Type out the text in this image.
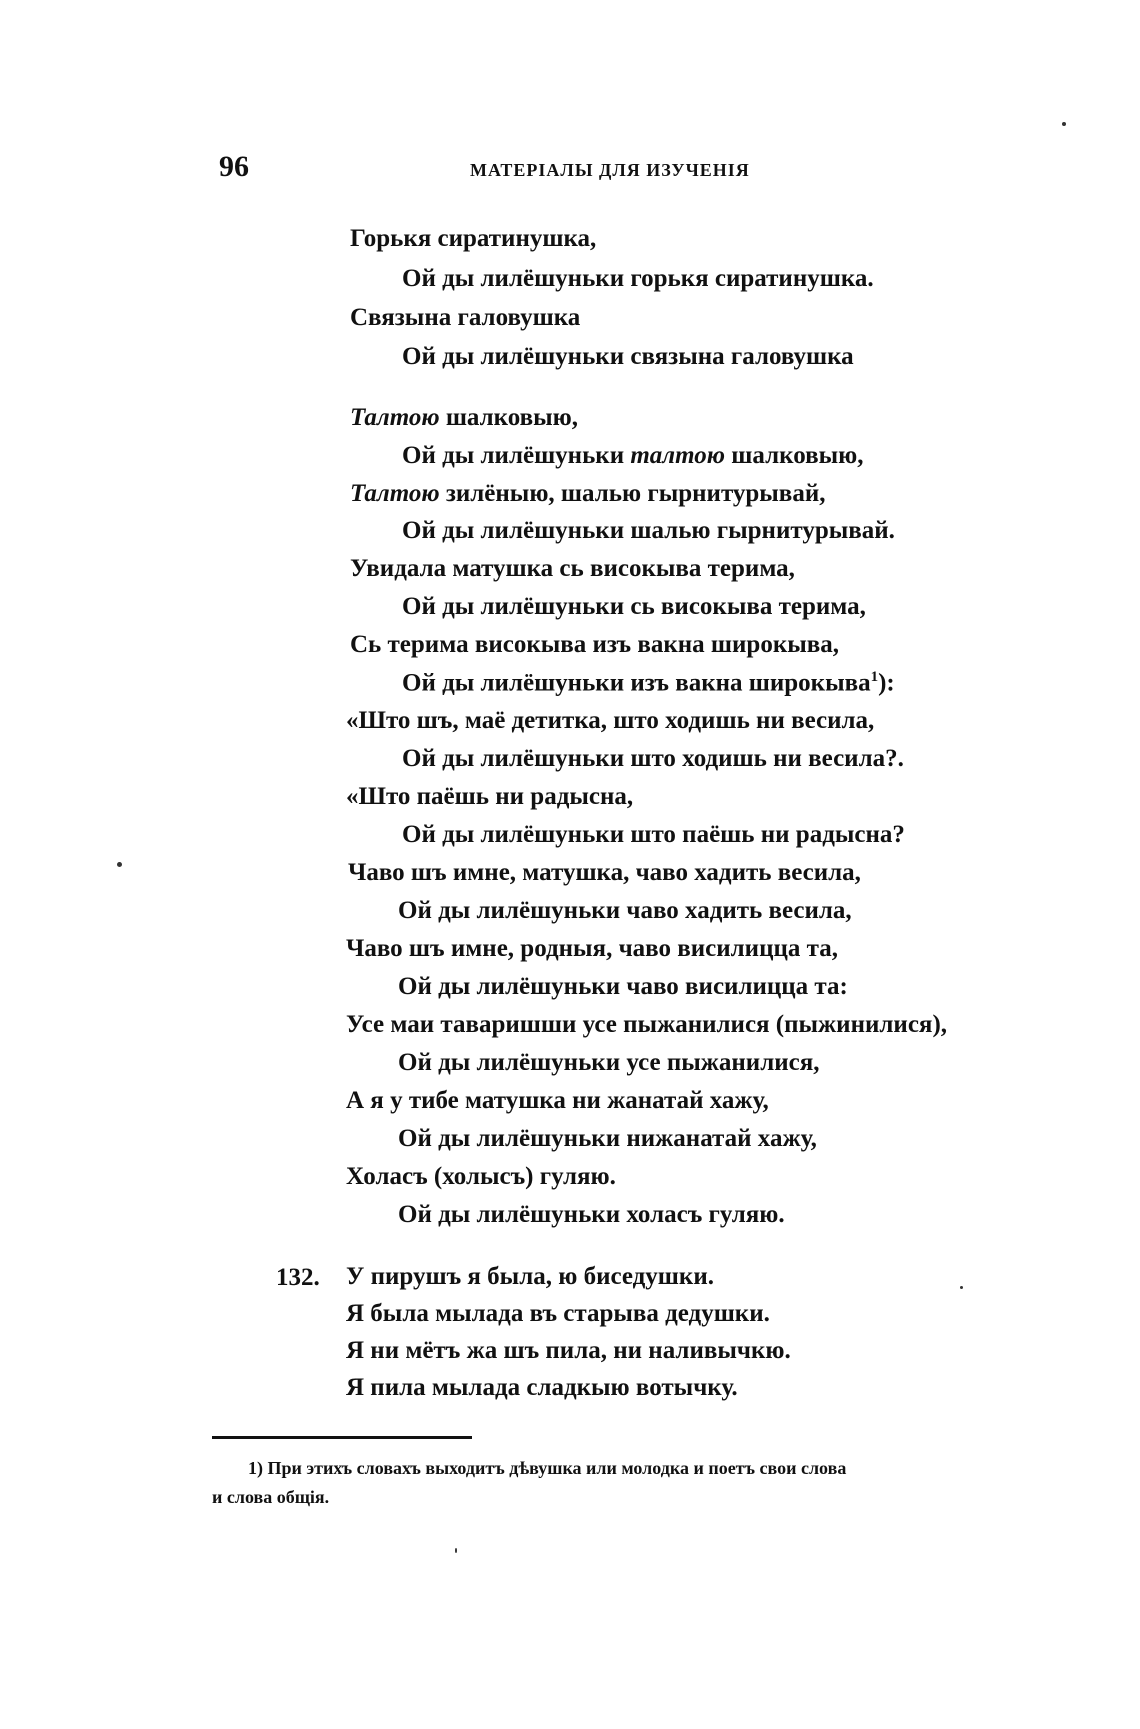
96	МАТЕРІАЛЫ ДЛЯ ИЗУЧЕНІЯ
Горькя сиратинушка,
Ой ды лилёшуньки горькя сиратинушка.
Связына галовушка
Ой ды лилёшуньки связына галовушка
Талтою шалковыю,
Ой ды лилёшуньки талтою шалковыю,
Талтою зилёныю, шалью гырнитурывай,
Ой ды лилёшуньки шалью гырнитурывай.
Увидала матушка сь високыва терима,
Ой ды лилёшуньки сь високыва терима,
Сь терима високыва изъ вакна широкыва,
Ой ды лилёшуньки изъ вакна широкыва$^1$):
«Што шъ, маё детитка, што ходишь ни весила,
Ой ды лилёшуньки што ходишь ни весила?.
«Што паёшь ни радысна,
Ой ды лилёшуньки што паёшь ни радысна?
Чаво шъ имне, матушка, чаво хадить весила,
Ой ды лилёшуньки чаво хадить весила,
Чаво шъ имне, родныя, чаво висилицца та,
Ой ды лилёшуньки чаво висилицца та:
Усе маи таваришши усе пыжанилися (пыжинилися),
Ой ды лилёшуньки усе пыжанилися,
А я у тибе матушка ни жанатай хажу,
Ой ды лилёшуньки нижанатай хажу,
Холасъ (холысъ) гуляю.
Ой ды лилёшуньки холасъ гуляю.
132. У пирушъ я была, ю биседушки.
Я была мылада въ старыва дедушки.
Я ни мётъ жа шъ пила, ни наливычкю.
Я пила мылада сладкыю вотычку.
1) При этихъ словахъ выходитъ дѣвушка или молодка и поетъ свои слова
и слова общія.
